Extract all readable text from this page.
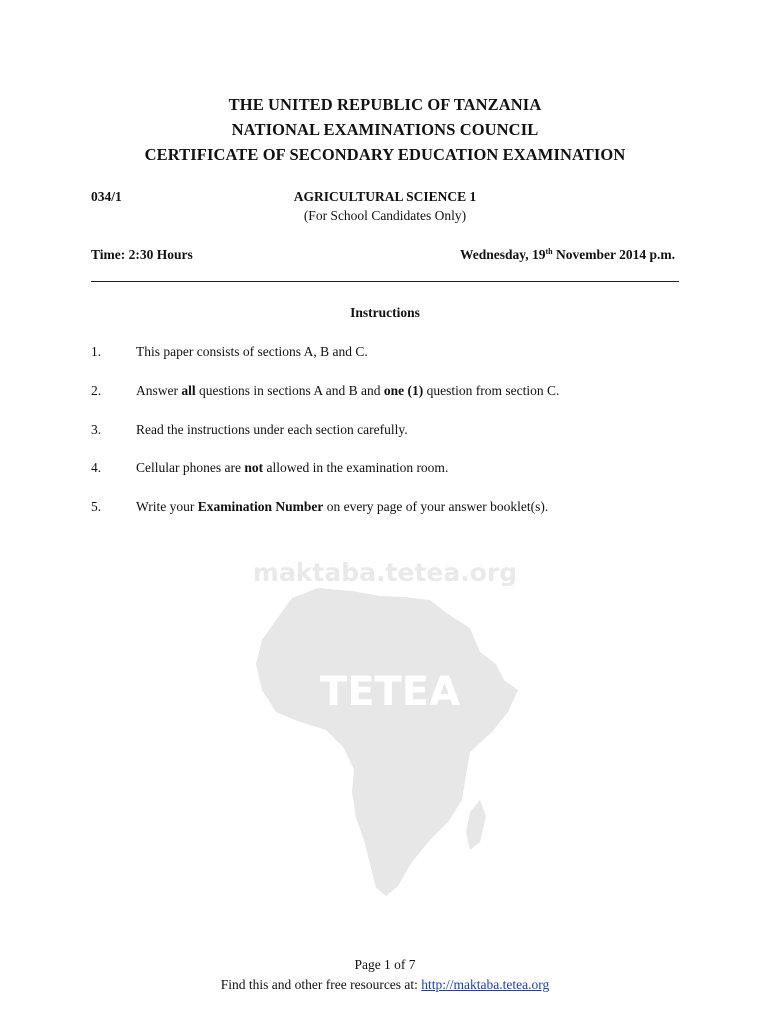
maktaba.tetea.org
TETEA
THE UNITED REPUBLIC OF TANZANIA
NATIONAL EXAMINATIONS COUNCIL
CERTIFICATE OF SECONDARY EDUCATION EXAMINATION
034/1	AGRICULTURAL SCIENCE 1
(For School Candidates Only)
Time: 2:30 Hours	Wednesday, 19th November 2014 p.m.
Instructions
1.	This paper consists of sections A, B and C.
2.	Answer all questions in sections A and B and one (1) question from section C.
3.	Read the instructions under each section carefully.
4.	Cellular phones are not allowed in the examination room.
5.	Write your Examination Number on every page of your answer booklet(s).
Page 1 of 7
Find this and other free resources at: http://maktaba.tetea.org
